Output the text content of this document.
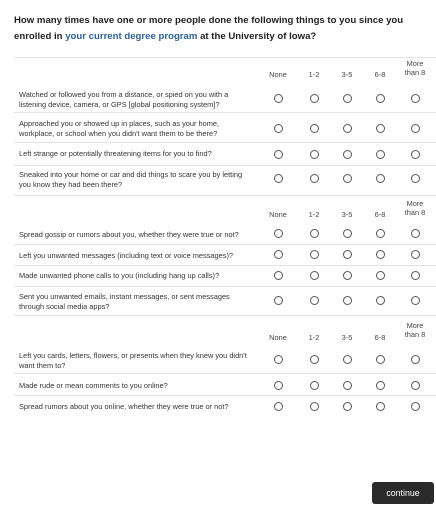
How many times have one or more people done the following things to you since you enrolled in your current degree program at the University of Iowa?
None	1-2	3-5	6-8
More than 8
Watched or followed you from a distance, or spied on you with a listening device, camera, or GPS [global positioning system]?
Approached you or showed up in places, such as your home, workplace, or school when you didn't want them to be there?
Left strange or potentially threatening items for you to find?
Sneaked into your home or car and did things to scare you by letting you know they had been there?
None	1-2	3-5	6-8
More than 8
Spread gossip or rumors about you, whether they were true or not?
Left you unwanted messages (including text or voice messages)?
Made unwanted phone calls to you (including hang up calls)?
Sent you unwanted emails, instant messages, or sent messages through social media apps?
None	1-2	3-5	6-8
More than 8
Left you cards, letters, flowers, or presents when they knew you didn't want them to?
Made rude or mean comments to you online?
Spread rumors about you online, whether they were true or not?
continue
